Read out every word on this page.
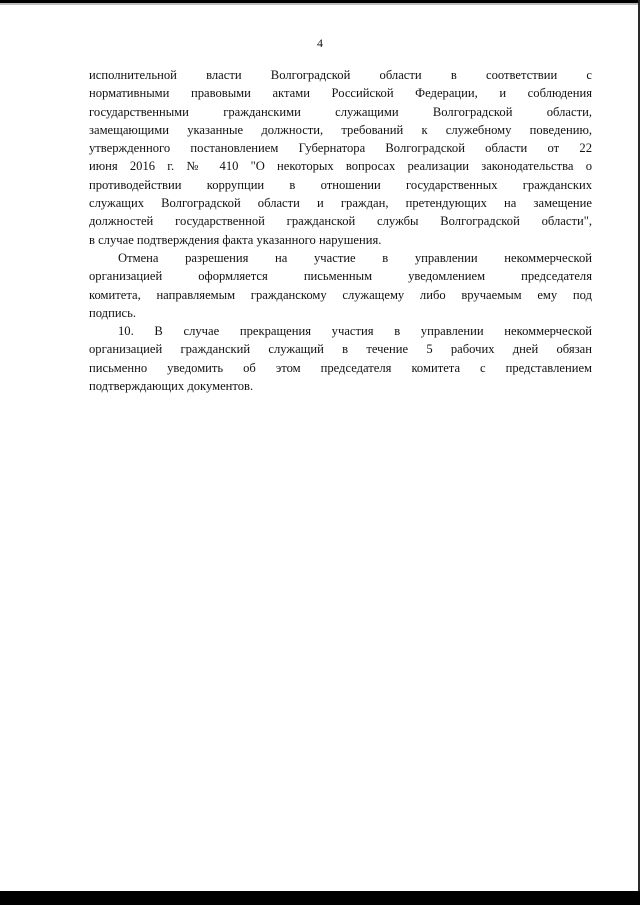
4
исполнительной власти Волгоградской области в соответствии с
нормативными правовыми актами Российской Федерации, и соблюдения
государственными гражданскими служащими Волгоградской области,
замещающими указанные должности, требований к служебному поведению,
утвержденного постановлением Губернатора Волгоградской области от 22
июня 2016 г. № 410 "О некоторых вопросах реализации законодательства о
противодействии коррупции в отношении государственных гражданских
служащих Волгоградской области и граждан, претендующих на замещение
должностей государственной гражданской службы Волгоградской области",
в случае подтверждения факта указанного нарушения.
Отмена разрешения на участие в управлении некоммерческой
организацией оформляется письменным уведомлением председателя
комитета, направляемым гражданскому служащему либо вручаемым ему под
подпись.
10. В случае прекращения участия в управлении некоммерческой
организацией гражданский служащий в течение 5 рабочих дней обязан
письменно уведомить об этом председателя комитета с представлением
подтверждающих документов.
